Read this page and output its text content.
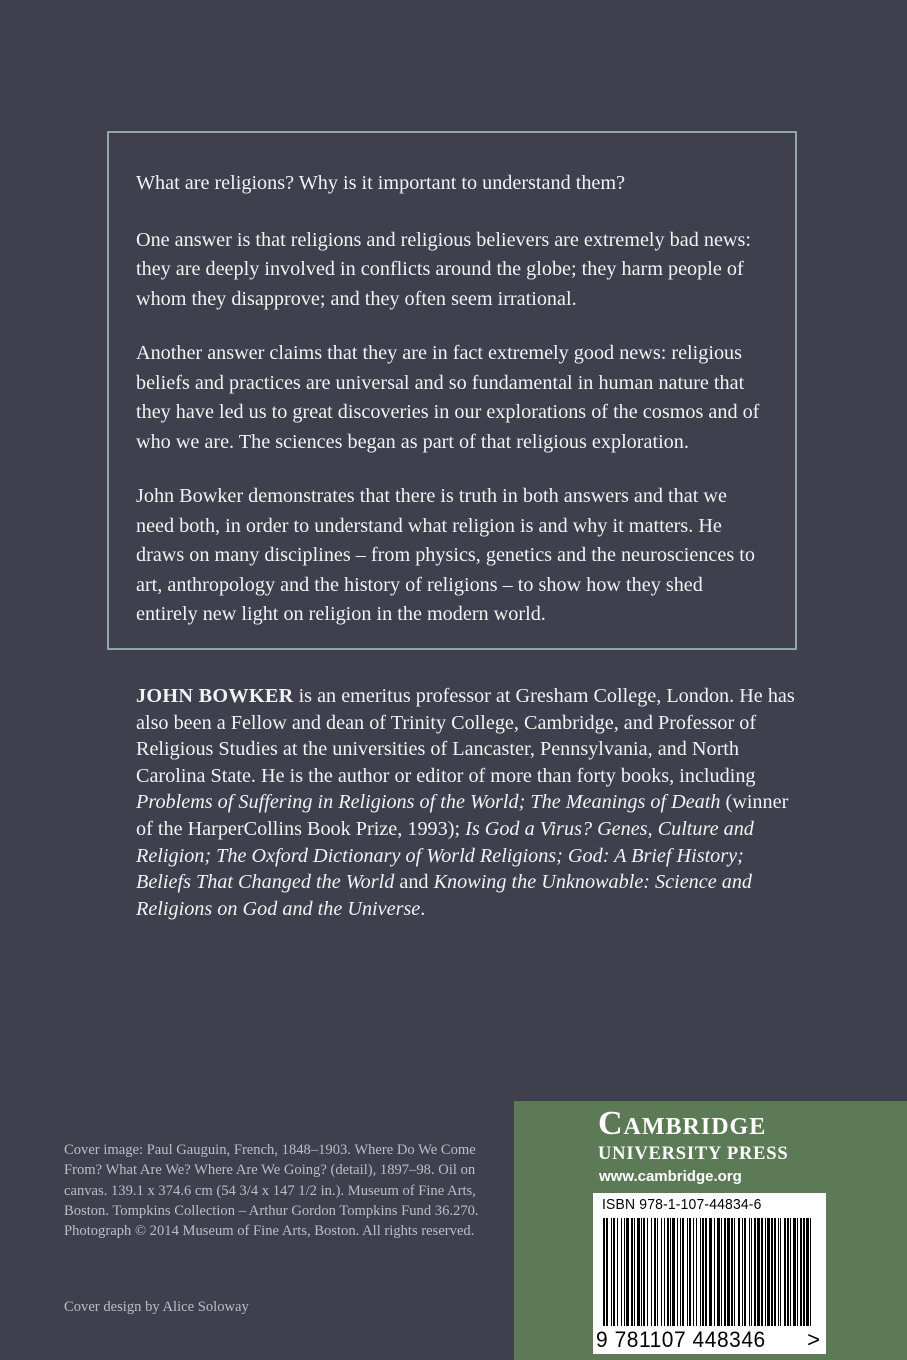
What are religions? Why is it important to understand them?

One answer is that religions and religious believers are extremely bad news: they are deeply involved in conflicts around the globe; they harm people of whom they disapprove; and they often seem irrational.

Another answer claims that they are in fact extremely good news: religious beliefs and practices are universal and so fundamental in human nature that they have led us to great discoveries in our explorations of the cosmos and of who we are. The sciences began as part of that religious exploration.

John Bowker demonstrates that there is truth in both answers and that we need both, in order to understand what religion is and why it matters. He draws on many disciplines – from physics, genetics and the neurosciences to art, anthropology and the history of religions – to show how they shed entirely new light on religion in the modern world.

JOHN BOWKER is an emeritus professor at Gresham College, London. He has also been a Fellow and dean of Trinity College, Cambridge, and Professor of Religious Studies at the universities of Lancaster, Pennsylvania, and North Carolina State. He is the author or editor of more than forty books, including Problems of Suffering in Religions of the World; The Meanings of Death (winner of the HarperCollins Book Prize, 1993); Is God a Virus? Genes, Culture and Religion; The Oxford Dictionary of World Religions; God: A Brief History; Beliefs That Changed the World and Knowing the Unknowable: Science and Religions on God and the Universe.

Cover image: Paul Gauguin, French, 1848–1903. Where Do We Come From? What Are We? Where Are We Going? (detail), 1897–98. Oil on canvas. 139.1 x 374.6 cm (54 3/4 x 147 1/2 in.). Museum of Fine Arts, Boston. Tompkins Collection – Arthur Gordon Tompkins Fund 36.270. Photograph © 2014 Museum of Fine Arts, Boston. All rights reserved.

Cover design by Alice Soloway

Cambridge
UNIVERSITY PRESS
www.cambridge.org
ISBN 978-1-107-44834-6
9 781107 448346 >
